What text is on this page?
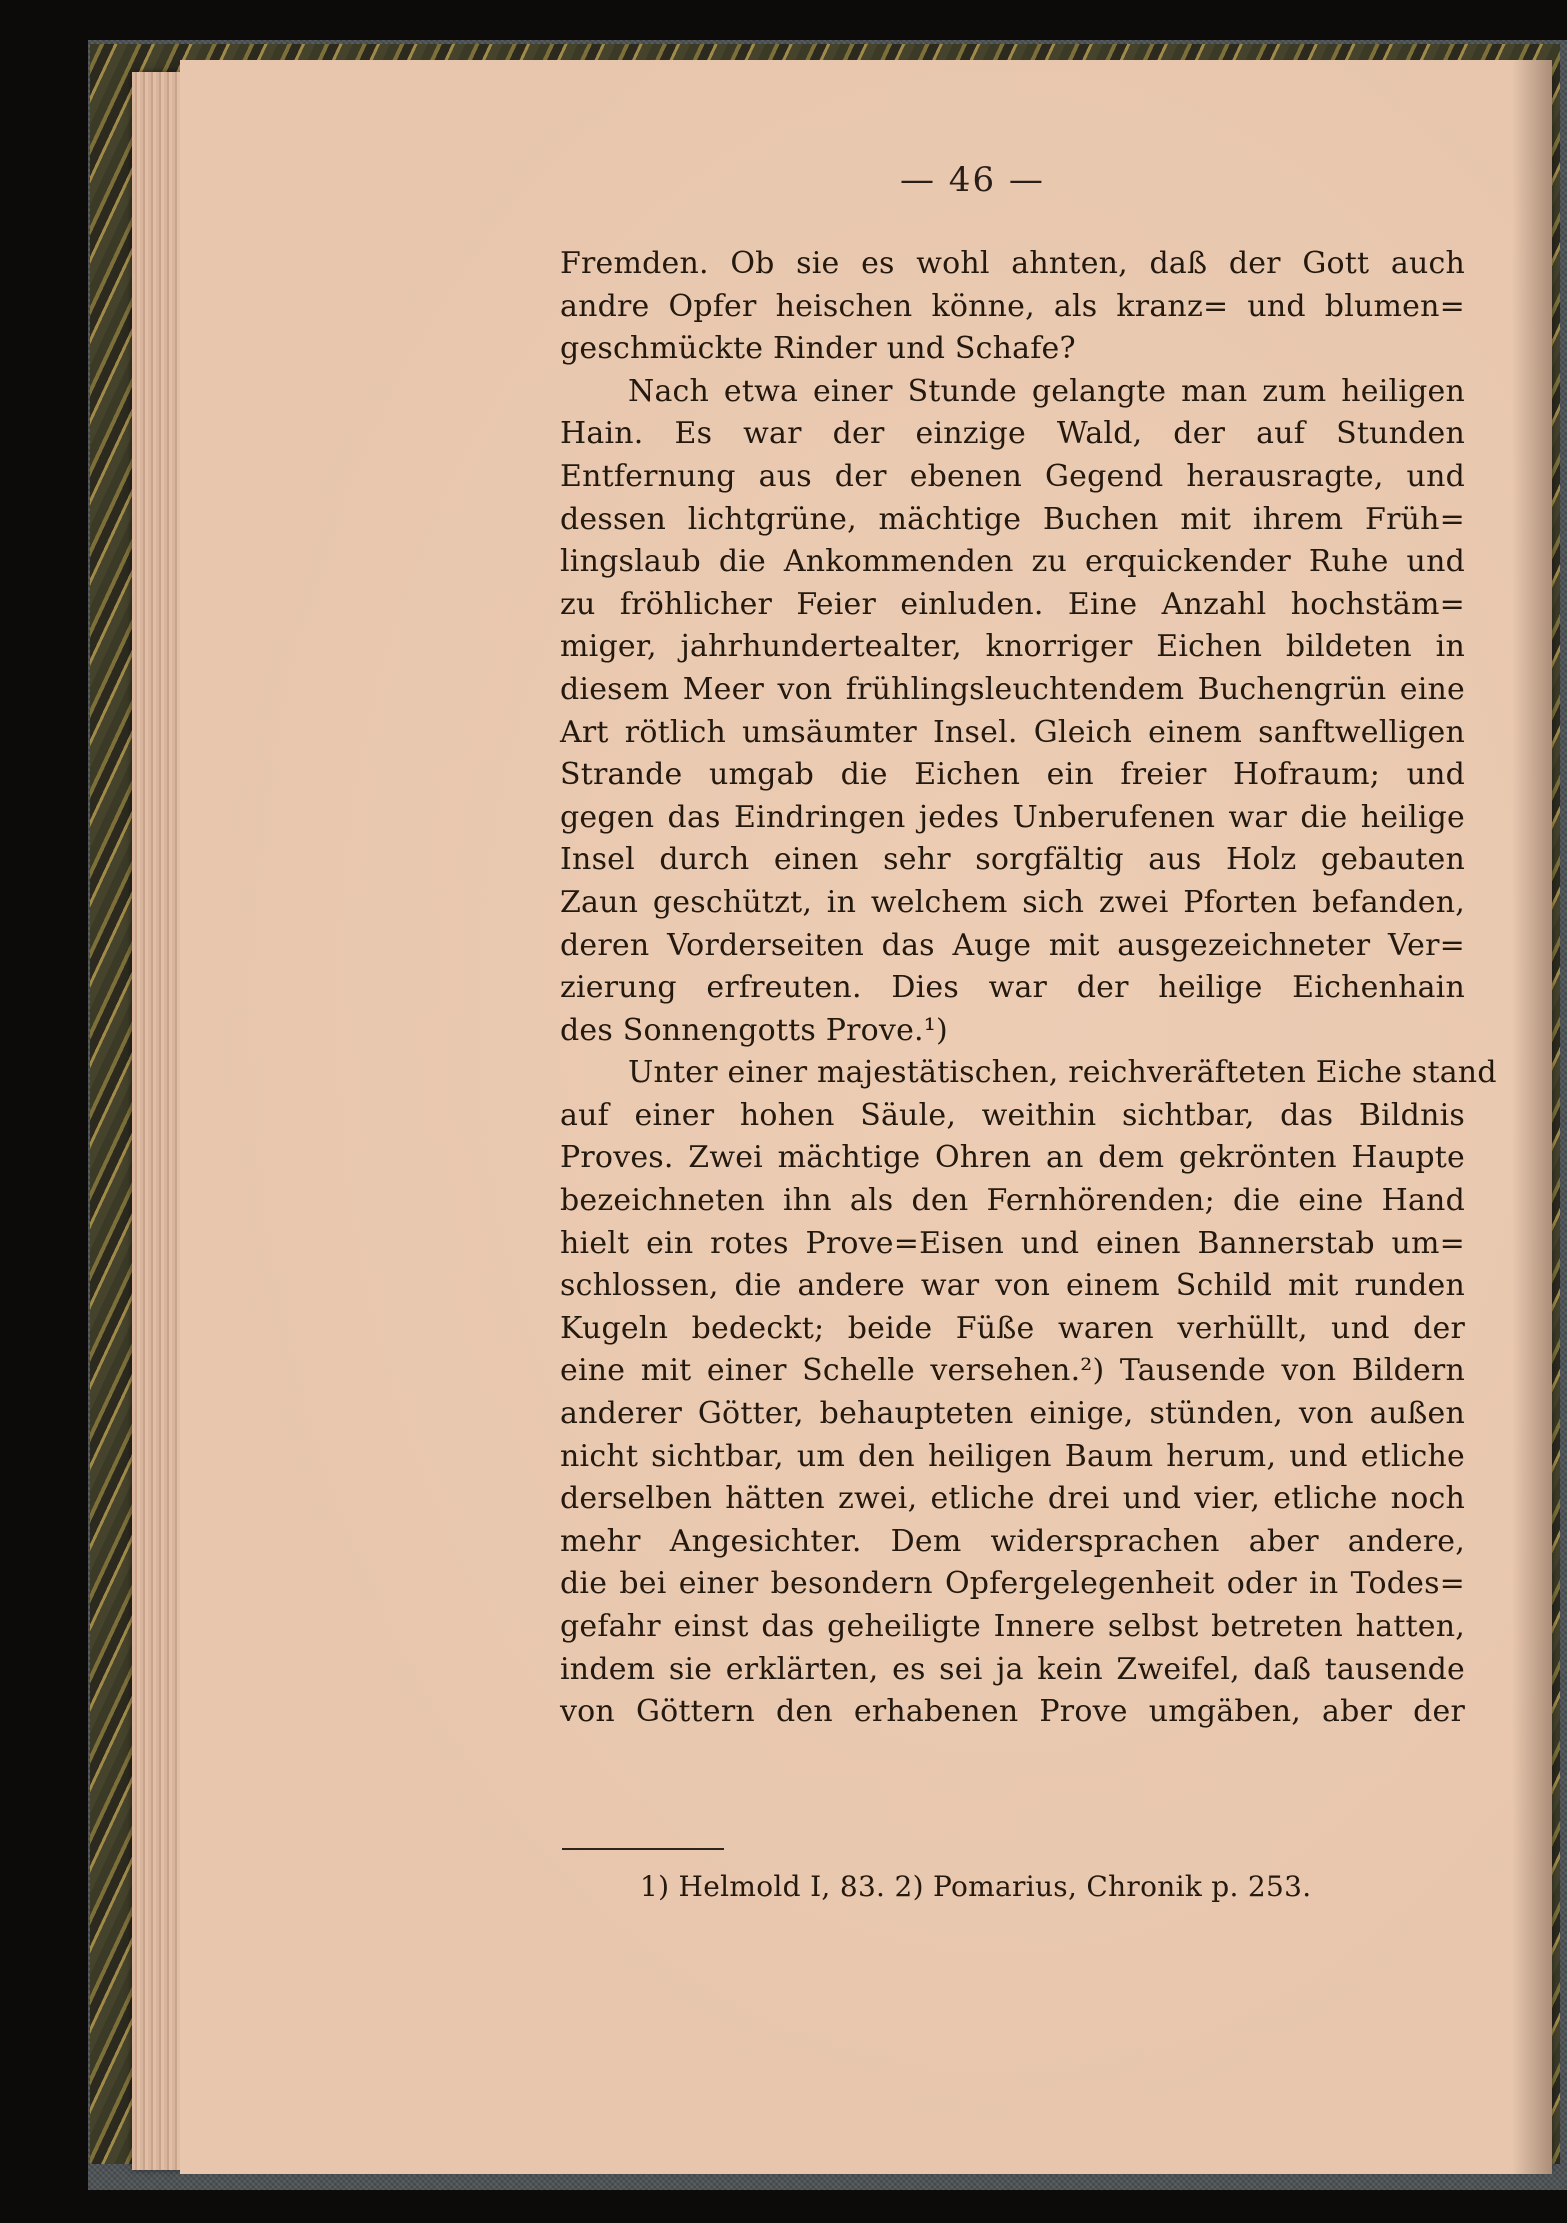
— 46 —
Fremden. Ob sie es wohl ahnten, daß der Gott auch
andre Opfer heischen könne, als kranz= und blumen=
geschmückte Rinder und Schafe?
Nach etwa einer Stunde gelangte man zum heiligen
Hain. Es war der einzige Wald, der auf Stunden
Entfernung aus der ebenen Gegend herausragte, und
dessen lichtgrüne, mächtige Buchen mit ihrem Früh=
lingslaub die Ankommenden zu erquickender Ruhe und
zu fröhlicher Feier einluden. Eine Anzahl hochstäm=
miger, jahrhundertealter, knorriger Eichen bildeten in
diesem Meer von frühlingsleuchtendem Buchengrün eine
Art rötlich umsäumter Insel. Gleich einem sanftwelligen
Strande umgab die Eichen ein freier Hofraum; und
gegen das Eindringen jedes Unberufenen war die heilige
Insel durch einen sehr sorgfältig aus Holz gebauten
Zaun geschützt, in welchem sich zwei Pforten befanden,
deren Vorderseiten das Auge mit ausgezeichneter Ver=
zierung erfreuten. Dies war der heilige Eichenhain
des Sonnengotts Prove.¹)
Unter einer majestätischen, reichveräfteten Eiche stand
auf einer hohen Säule, weithin sichtbar, das Bildnis
Proves. Zwei mächtige Ohren an dem gekrönten Haupte
bezeichneten ihn als den Fernhörenden; die eine Hand
hielt ein rotes Prove=Eisen und einen Bannerstab um=
schlossen, die andere war von einem Schild mit runden
Kugeln bedeckt; beide Füße waren verhüllt, und der
eine mit einer Schelle versehen.²) Tausende von Bildern
anderer Götter, behaupteten einige, stünden, von außen
nicht sichtbar, um den heiligen Baum herum, und etliche
derselben hätten zwei, etliche drei und vier, etliche noch
mehr Angesichter. Dem widersprachen aber andere,
die bei einer besondern Opfergelegenheit oder in Todes=
gefahr einst das geheiligte Innere selbst betreten hatten,
indem sie erklärten, es sei ja kein Zweifel, daß tausende
von Göttern den erhabenen Prove umgäben, aber der
1) Helmold I, 83. 2) Pomarius, Chronik p. 253.
